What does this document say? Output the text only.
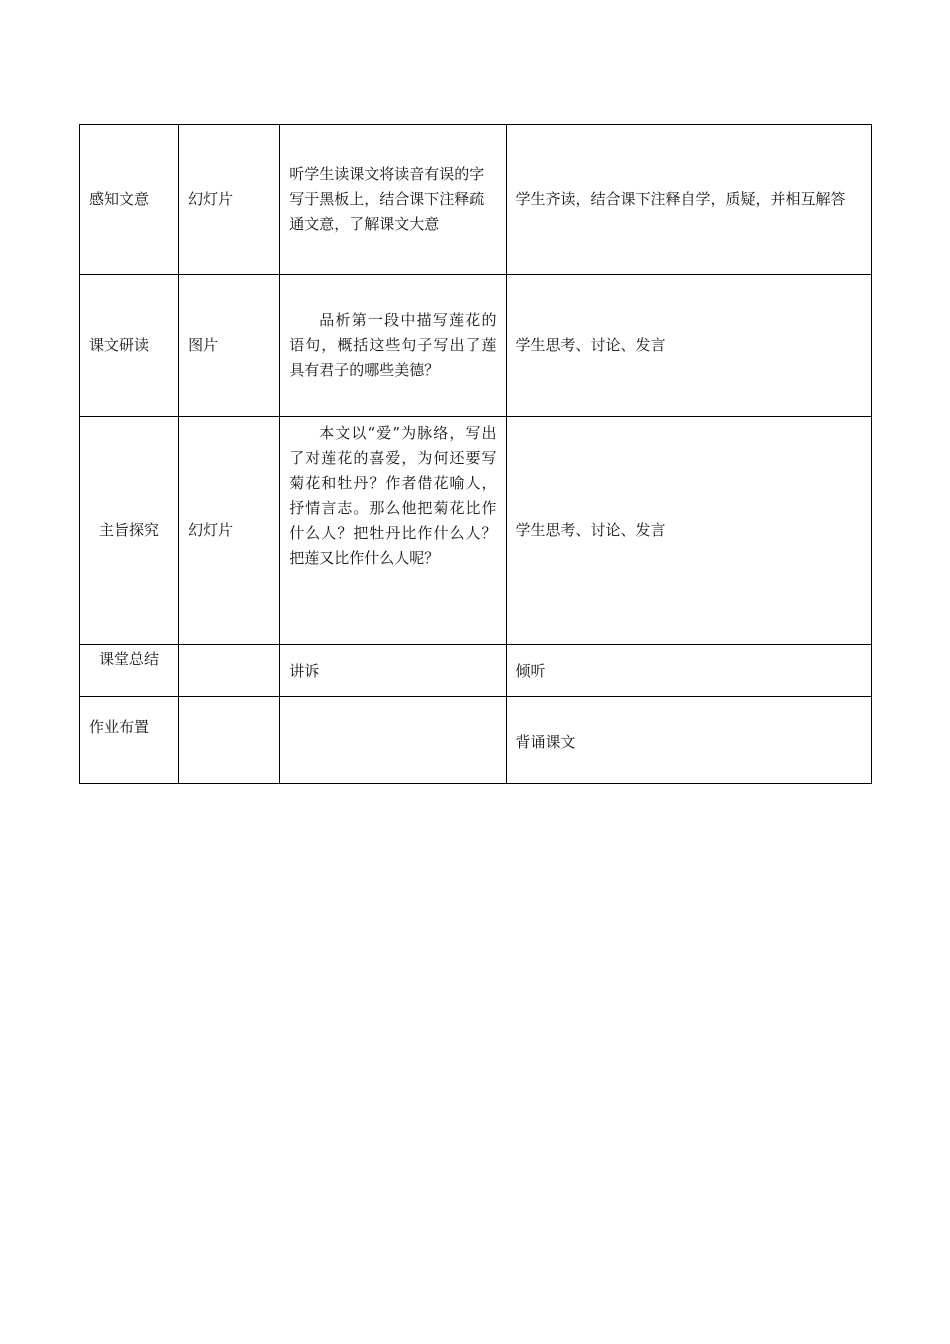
感知文意	幻灯片	听学生读课文将读音有误的字写于黑板上，结合课下注释疏通文意，了解课文大意	学生齐读，结合课下注释自学，质疑，并相互解答
课文研读	图片	品析第一段中描写莲花的语句，概括这些句子写出了莲具有君子的哪些美德？	学生思考、讨论、发言
主旨探究	幻灯片	本文以“爱”为脉络，写出了对莲花的喜爱，为何还要写菊花和牡丹？作者借花喻人，抒情言志。那么他把菊花比作什么人？把牡丹比作什么人？把莲又比作什么人呢？	学生思考、讨论、发言
课堂总结		讲诉	倾听
作业布置			背诵课文
